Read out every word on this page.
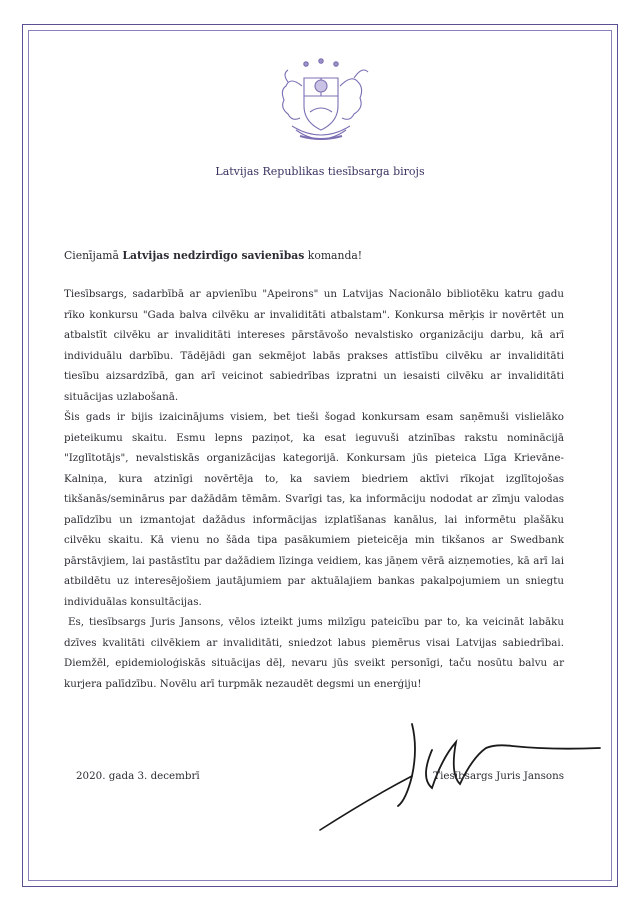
Latvijas Republikas tiesībsarga birojs
Cienījamā Latvijas nedzirdīgo savienības komanda!

Tiesībsargs, sadarbībā ar apvienību "Apeirons" un Latvijas Nacionālo bibliotēku katru gadu rīko konkursu "Gada balva cilvēku ar invaliditāti atbalstam". Konkursa mērķis ir novērtēt un atbalstīt cilvēku ar invaliditāti intereses pārstāvošo nevalstisko organizāciju darbu, kā arī individuālu darbību. Tādējādi gan sekmējot labās prakses attīstību cilvēku ar invaliditāti tiesību aizsardzībā, gan arī veicinot sabiedrības izpratni un iesaisti cilvēku ar invaliditāti situācijas uzlabošanā.

Šis gads ir bijis izaicinājums visiem, bet tieši šogad konkursam esam saņēmuši vislielāko pieteikumu skaitu. Esmu lepns paziņot, ka esat ieguvuši atzinības rakstu nominācijā "Izglītotājs", nevalstiskās organizācijas kategorijā. Konkursam jūs pieteica Līga Krievāne-Kalniņa, kura atzinīgi novērtēja to, ka saviem biedriem aktīvi rīkojat izglītojošas tikšanās/seminārus par dažādām tēmām. Svarīgi tas, ka informāciju nododat ar zīmju valodas palīdzību un izmantojat dažādus informācijas izplatīšanas kanālus, lai informētu plašāku cilvēku skaitu. Kā vienu no šāda tipa pasākumiem pieteicēja min tikšanos ar Swedbank pārstāvjiem, lai pastāstītu par dažādiem līzinga veidiem, kas jāņem vērā aizņemoties, kā arī lai atbildētu uz interesējošiem jautājumiem par aktuālajiem bankas pakalpojumiem un sniegtu individuālas konsultācijas.

Es, tiesībsargs Juris Jansons, vēlos izteikt jums milzīgu pateicību par to, ka veicināt labāku dzīves kvalitāti cilvēkiem ar invaliditāti, sniedzot labus piemērus visai Latvijas sabiedrībai. Diemžēl, epidemioloģiskās situācijas dēļ, nevaru jūs sveikt personīgi, taču nosūtu balvu ar kurjera palīdzību. Novēlu arī turpmāk nezaudēt degsmi un enerģiju!

2020. gada 3. decembrī	Tiesībsargs Juris Jansons
